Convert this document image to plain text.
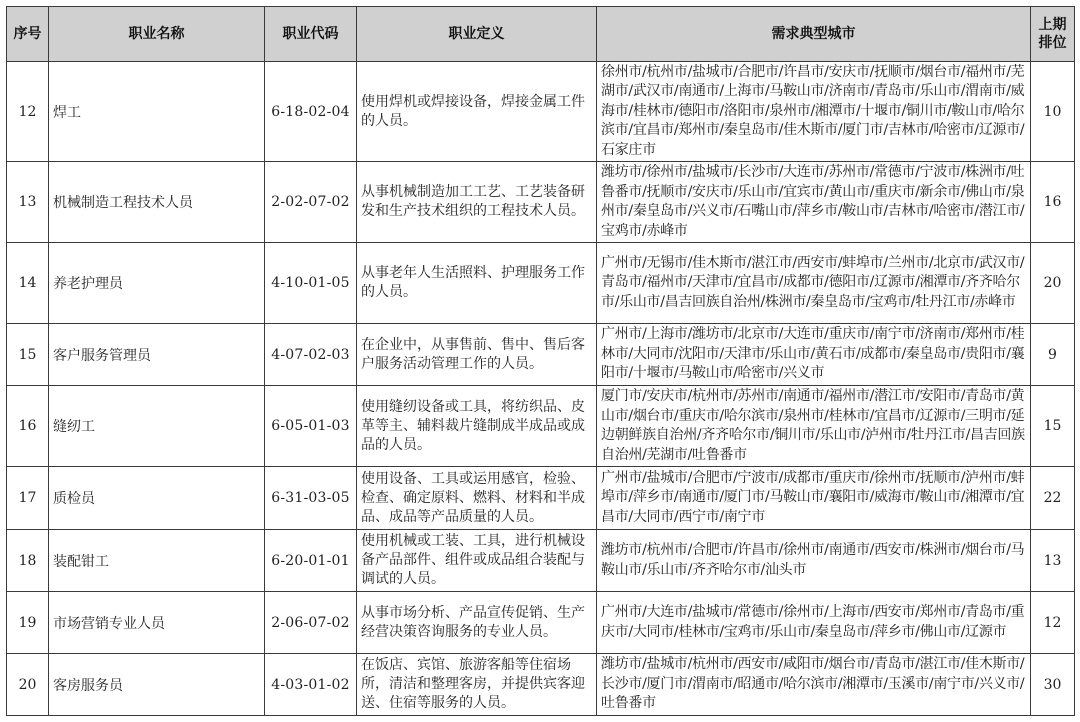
序号	职业名称	职业代码	职业定义	需求典型城市	上期排位
12	焊工	6-18-02-04	使用焊机或焊接设备，焊接金属工件的人员。	徐州市/杭州市/盐城市/合肥市/许昌市/安庆市/抚顺市/烟台市/福州市/芜湖市/武汉市/南通市/上海市/马鞍山市/济南市/青岛市/乐山市/渭南市/威海市/桂林市/德阳市/洛阳市/泉州市/湘潭市/十堰市/铜川市/鞍山市/哈尔滨市/宜昌市/郑州市/秦皇岛市/佳木斯市/厦门市/吉林市/哈密市/辽源市/石家庄市	10
13	机械制造工程技术人员	2-02-07-02	从事机械制造加工工艺、工艺装备研发和生产技术组织的工程技术人员。	潍坊市/徐州市/盐城市/长沙市/大连市/苏州市/常德市/宁波市/株洲市/吐鲁番市/抚顺市/安庆市/乐山市/宜宾市/黄山市/重庆市/新余市/佛山市/泉州市/秦皇岛市/兴义市/石嘴山市/萍乡市/鞍山市/吉林市/哈密市/潜江市/宝鸡市/赤峰市	16
14	养老护理员	4-10-01-05	从事老年人生活照料、护理服务工作的人员。	广州市/无锡市/佳木斯市/湛江市/西安市/蚌埠市/兰州市/北京市/武汉市/青岛市/福州市/天津市/宜昌市/成都市/德阳市/辽源市/湘潭市/齐齐哈尔市/乐山市/昌吉回族自治州/株洲市/秦皇岛市/宝鸡市/牡丹江市/赤峰市	20
15	客户服务管理员	4-07-02-03	在企业中，从事售前、售中、售后客户服务活动管理工作的人员。	广州市/上海市/潍坊市/北京市/大连市/重庆市/南宁市/济南市/郑州市/桂林市/大同市/沈阳市/天津市/乐山市/黄石市/成都市/秦皇岛市/贵阳市/襄阳市/十堰市/马鞍山市/哈密市/兴义市	9
16	缝纫工	6-05-01-03	使用缝纫设备或工具，将纺织品、皮革等主、辅料裁片缝制成半成品或成品的人员。	厦门市/安庆市/杭州市/苏州市/南通市/福州市/潜江市/安阳市/青岛市/黄山市/烟台市/重庆市/哈尔滨市/泉州市/桂林市/宜昌市/辽源市/三明市/延边朝鲜族自治州/齐齐哈尔市/铜川市/乐山市/泸州市/牡丹江市/昌吉回族自治州/芜湖市/吐鲁番市	15
17	质检员	6-31-03-05	使用设备、工具或运用感官，检验、检查、确定原料、燃料、材料和半成品、成品等产品质量的人员。	广州市/盐城市/合肥市/宁波市/成都市/重庆市/徐州市/抚顺市/泸州市/蚌埠市/萍乡市/南通市/厦门市/马鞍山市/襄阳市/威海市/鞍山市/湘潭市/宜昌市/大同市/西宁市/南宁市	22
18	装配钳工	6-20-01-01	使用机械或工装、工具，进行机械设备产品部件、组件或成品组合装配与调试的人员。	潍坊市/杭州市/合肥市/许昌市/徐州市/南通市/西安市/株洲市/烟台市/马鞍山市/乐山市/齐齐哈尔市/汕头市	13
19	市场营销专业人员	2-06-07-02	从事市场分析、产品宣传促销、生产经营决策咨询服务的专业人员。	广州市/大连市/盐城市/常德市/徐州市/上海市/西安市/郑州市/青岛市/重庆市/大同市/桂林市/宝鸡市/乐山市/秦皇岛市/萍乡市/佛山市/辽源市	12
20	客房服务员	4-03-01-02	在饭店、宾馆、旅游客船等住宿场所，清洁和整理客房，并提供宾客迎送、住宿等服务的人员。	潍坊市/盐城市/杭州市/西安市/咸阳市/烟台市/青岛市/湛江市/佳木斯市/长沙市/厦门市/渭南市/昭通市/哈尔滨市/湘潭市/玉溪市/南宁市/兴义市/吐鲁番市	30
